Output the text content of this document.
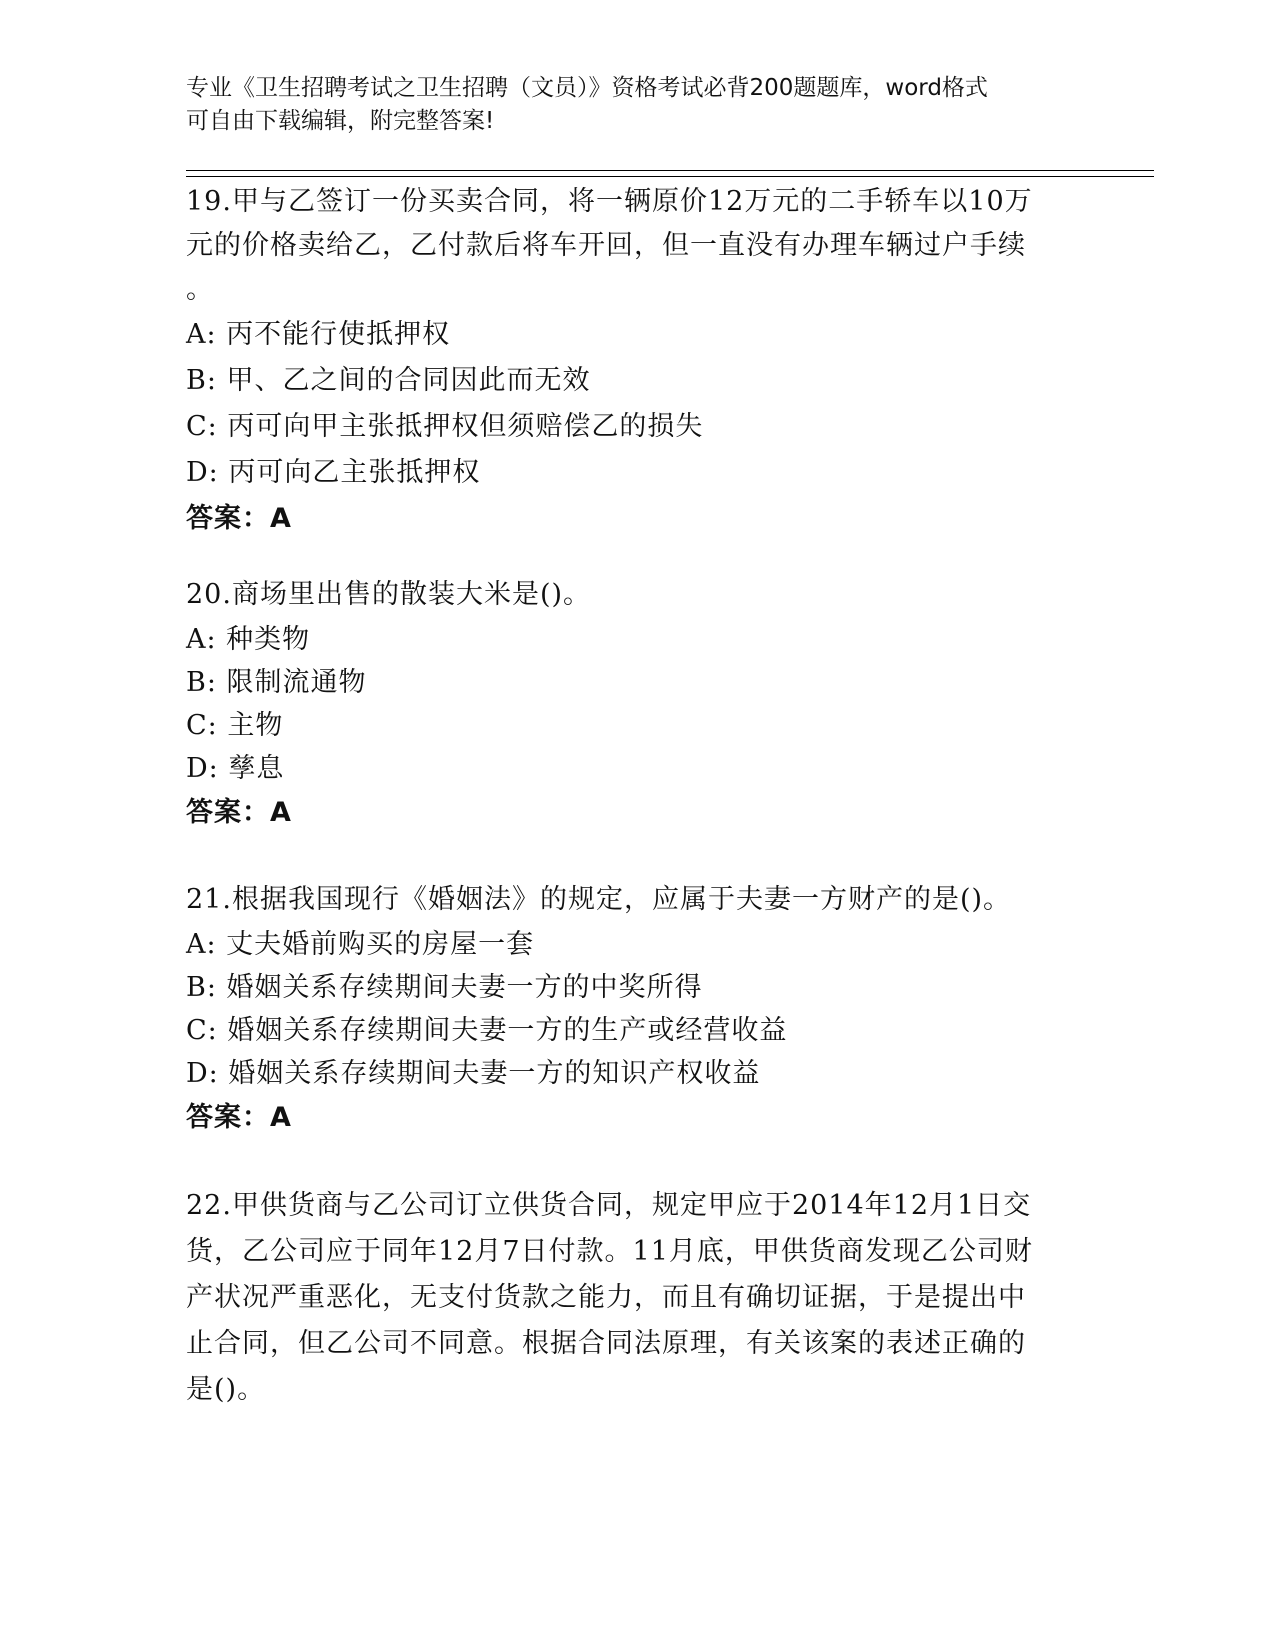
专业《卫生招聘考试之卫生招聘（文员）》资格考试必背200题题库，word格式
可自由下载编辑，附完整答案!
19.甲与乙签订一份买卖合同，将一辆原价12万元的二手轿车以10万
元的价格卖给乙，乙付款后将车开回，但一直没有办理车辆过户手续
。
A: 丙不能行使抵押权
B: 甲、乙之间的合同因此而无效
C: 丙可向甲主张抵押权但须赔偿乙的损失
D: 丙可向乙主张抵押权
答案：A
20.商场里出售的散装大米是()。
A: 种类物
B: 限制流通物
C: 主物
D: 孳息
答案：A
21.根据我国现行《婚姻法》的规定，应属于夫妻一方财产的是()。
A: 丈夫婚前购买的房屋一套
B: 婚姻关系存续期间夫妻一方的中奖所得
C: 婚姻关系存续期间夫妻一方的生产或经营收益
D: 婚姻关系存续期间夫妻一方的知识产权收益
答案：A
22.甲供货商与乙公司订立供货合同，规定甲应于2014年12月1日交
货，乙公司应于同年12月7日付款。11月底，甲供货商发现乙公司财
产状况严重恶化，无支付货款之能力，而且有确切证据，于是提出中
止合同，但乙公司不同意。根据合同法原理，有关该案的表述正确的
是()。
